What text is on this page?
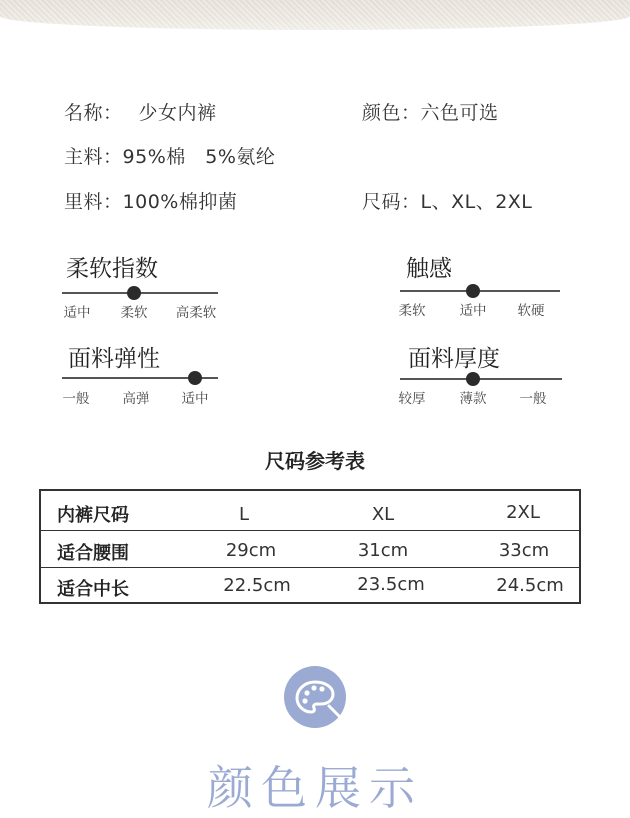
名称： 少女内裤	颜色：六色可选
主料：95%棉　5%氨纶
里料：100%棉抑菌	尺码：L、XL、2XL
柔软指数
适中 柔软 高柔软
触感
柔软	适中 软硬
面料弹性
一般 高弹 适中
面料厚度
较厚	薄款 一般
尺码参考表
内裤尺码	L	XL	2XL
适合腰围	29cm	31cm	33cm
适合中长	22.5cm	23.5cm	24.5cm
颜色展示
